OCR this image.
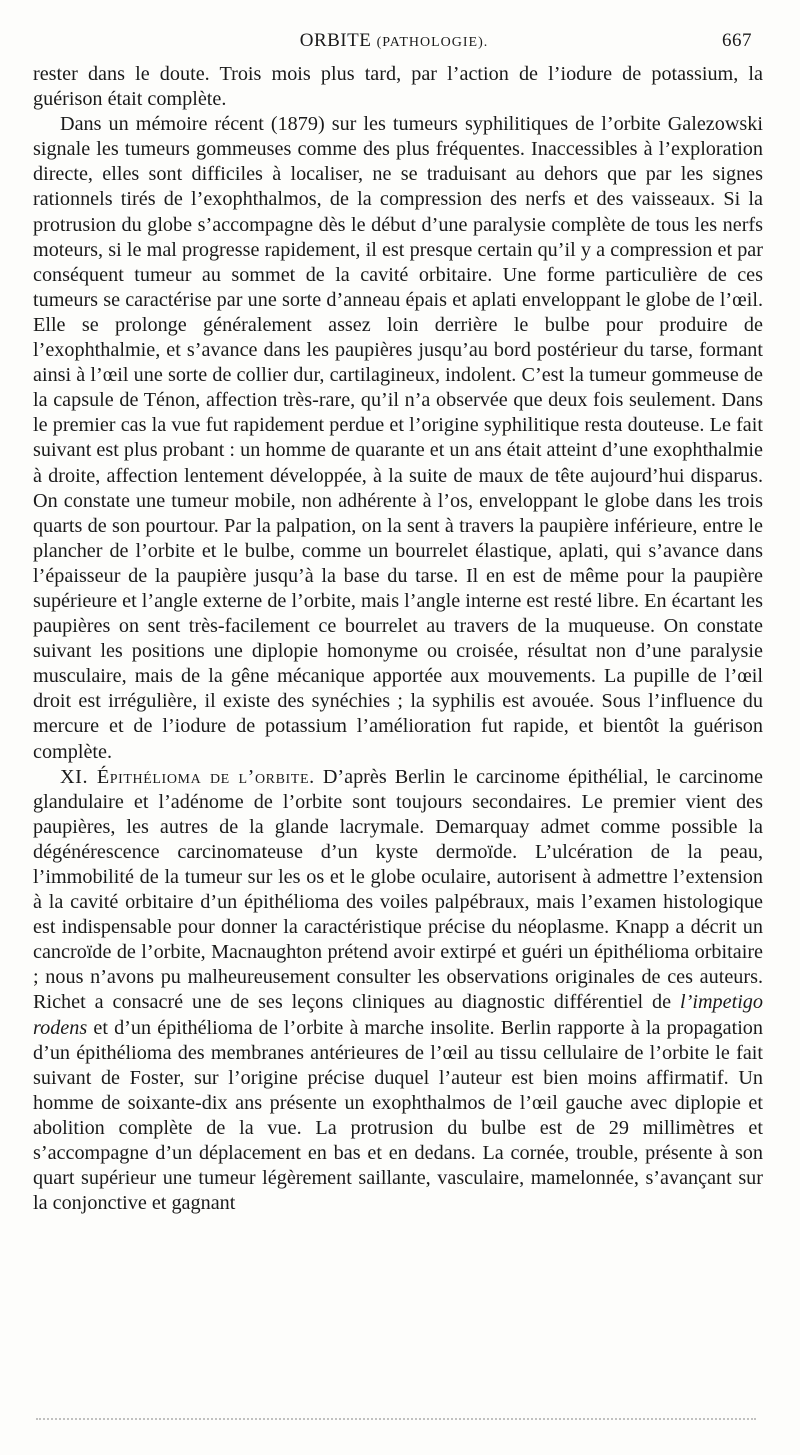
ORBITE (PATHOLOGIE).	667

rester dans le doute. Trois mois plus tard, par l’action de l’iodure de potassium, la guérison était complète.

Dans un mémoire récent (1879) sur les tumeurs syphilitiques de l’orbite Galezowski signale les tumeurs gommeuses comme des plus fréquentes. Inaccessibles à l’exploration directe, elles sont difficiles à localiser, ne se traduisant au dehors que par les signes rationnels tirés de l’exophthalmos, de la compression des nerfs et des vaisseaux. Si la protrusion du globe s’accompagne dès le début d’une paralysie complète de tous les nerfs moteurs, si le mal progresse rapidement, il est presque certain qu’il y a compression et par conséquent tumeur au sommet de la cavité orbitaire. Une forme particulière de ces tumeurs se caractérise par une sorte d’anneau épais et aplati enveloppant le globe de l’œil. Elle se prolonge généralement assez loin derrière le bulbe pour produire de l’exophthalmie, et s’avance dans les paupières jusqu’au bord postérieur du tarse, formant ainsi à l’œil une sorte de collier dur, cartilagineux, indolent. C’est la tumeur gommeuse de la capsule de Ténon, affection très-rare, qu’il n’a observée que deux fois seulement. Dans le premier cas la vue fut rapidement perdue et l’origine syphilitique resta douteuse. Le fait suivant est plus probant : un homme de quarante et un ans était atteint d’une exophthalmie à droite, affection lentement développée, à la suite de maux de tête aujourd’hui disparus. On constate une tumeur mobile, non adhérente à l’os, enveloppant le globe dans les trois quarts de son pourtour. Par la palpation, on la sent à travers la paupière inférieure, entre le plancher de l’orbite et le bulbe, comme un bourrelet élastique, aplati, qui s’avance dans l’épaisseur de la paupière jusqu’à la base du tarse. Il en est de même pour la paupière supérieure et l’angle externe de l’orbite, mais l’angle interne est resté libre. En écartant les paupières on sent très-facilement ce bourrelet au travers de la muqueuse. On constate suivant les positions une diplopie homonyme ou croisée, résultat non d’une paralysie musculaire, mais de la gêne mécanique apportée aux mouvements. La pupille de l’œil droit est irrégulière, il existe des synéchies ; la syphilis est avouée. Sous l’influence du mercure et de l’iodure de potassium l’amélioration fut rapide, et bientôt la guérison complète.

XI. Épithélioma de l’orbite. D’après Berlin le carcinome épithélial, le carcinome glandulaire et l’adénome de l’orbite sont toujours secondaires. Le premier vient des paupières, les autres de la glande lacrymale. Demarquay admet comme possible la dégénérescence carcinomateuse d’un kyste dermoïde. L’ulcération de la peau, l’immobilité de la tumeur sur les os et le globe oculaire, autorisent à admettre l’extension à la cavité orbitaire d’un épithélioma des voiles palpébraux, mais l’examen histologique est indispensable pour donner la caractéristique précise du néoplasme. Knapp a décrit un cancroïde de l’orbite, Macnaughton prétend avoir extirpé et guéri un épithélioma orbitaire ; nous n’avons pu malheureusement consulter les observations originales de ces auteurs. Richet a consacré une de ses leçons cliniques au diagnostic différentiel de l’impetigo rodens et d’un épithélioma de l’orbite à marche insolite. Berlin rapporte à la propagation d’un épithélioma des membranes antérieures de l’œil au tissu cellulaire de l’orbite le fait suivant de Foster, sur l’origine précise duquel l’auteur est bien moins affirmatif. Un homme de soixante-dix ans présente un exophthalmos de l’œil gauche avec diplopie et abolition complète de la vue. La protrusion du bulbe est de 29 millimètres et s’accompagne d’un déplacement en bas et en dedans. La cornée, trouble, présente à son quart supérieur une tumeur légèrement saillante, vasculaire, mamelonnée, s’avançant sur la conjonctive et gagnant
